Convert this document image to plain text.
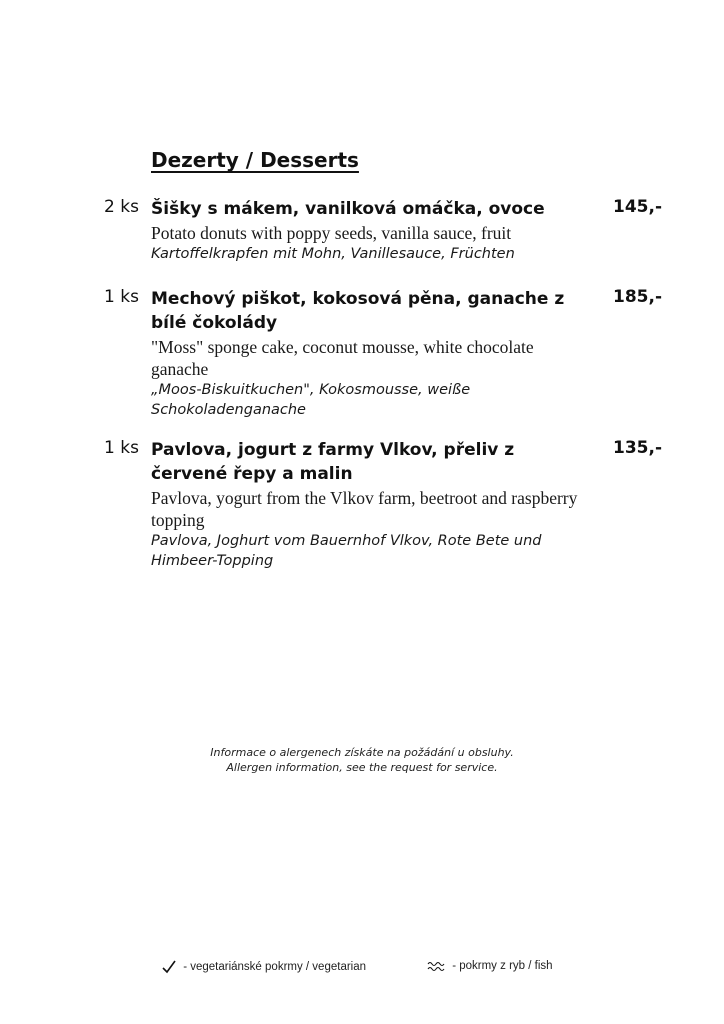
Dezerty / Desserts
2 ks Šišky s mákem, vanilková omáčka, ovoce
Potato donuts with poppy seeds, vanilla sauce, fruit
Kartoffelkrapfen mit Mohn, Vanillesauce, Früchten
145,-
1 ks Mechový piškot, kokosová pěna, ganache z bílé čokolády
"Moss" sponge cake, coconut mousse, white chocolate ganache
„Moos-Biskuitkuchen", Kokosmousse, weiße Schokoladenganache
185,-
1 ks Pavlova, jogurt z farmy Vlkov, přeliv z červené řepy a malin
Pavlova, yogurt from the Vlkov farm, beetroot and raspberry topping
Pavlova, Joghurt vom Bauernhof Vlkov, Rote Bete und Himbeer-Topping
135,-
Informace o alergenech získáte na požádání u obsluhy.
Allergen information, see the request for service.
- vegetariánské pokrmy / vegetarian	- pokrmy z ryb / fish
